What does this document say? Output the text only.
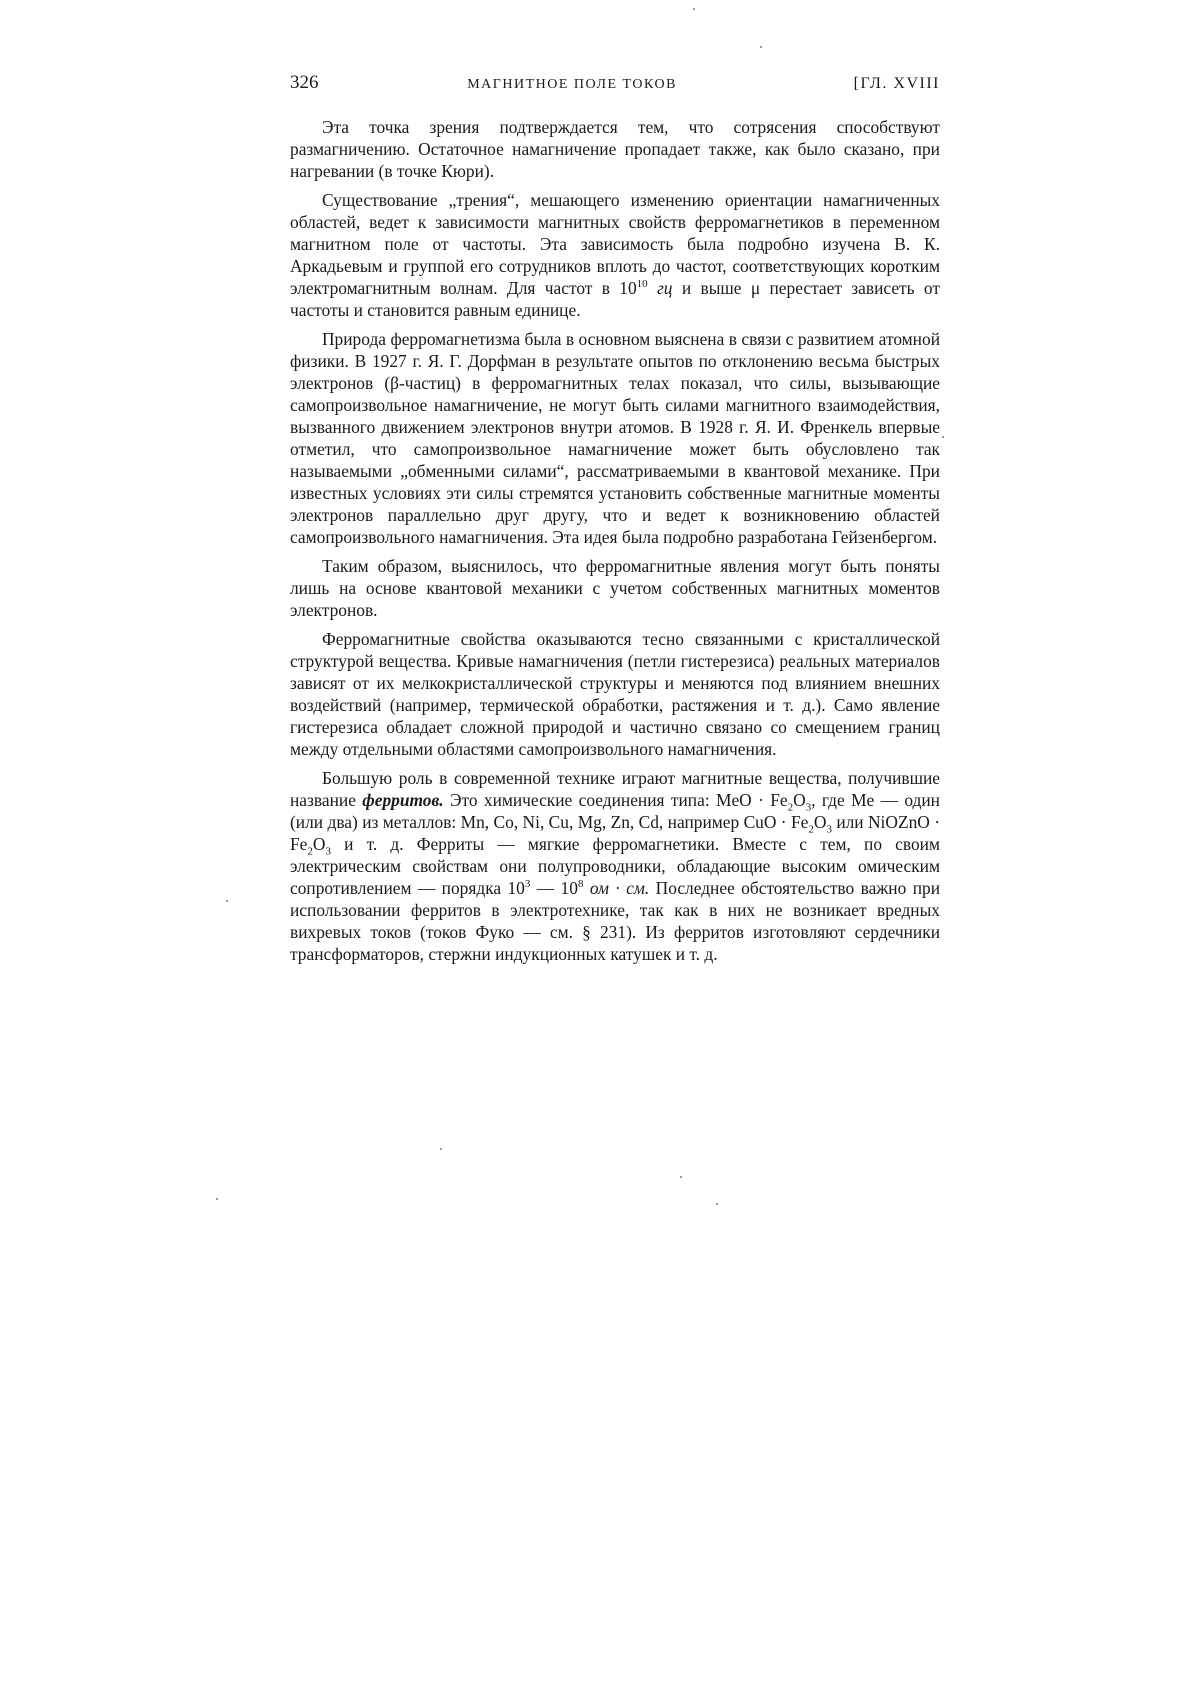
326	МАГНИТНОЕ ПОЛЕ ТОКОВ	[ГЛ. XVIII

Эта точка зрения подтверждается тем, что сотрясения способствуют размагничению. Остаточное намагничение пропадает также, как было сказано, при нагревании (в точке Кюри).

Существование „трения“, мешающего изменению ориентации намагниченных областей, ведет к зависимости магнитных свойств ферромагнетиков в переменном магнитном поле от частоты. Эта зависимость была подробно изучена В. К. Аркадьевым и группой его сотрудников вплоть до частот, соответствующих коротким электромагнитным волнам. Для частот в $10^{10}$ гц и выше μ перестает зависеть от частоты и становится равным единице.

Природа ферромагнетизма была в основном выяснена в связи с развитием атомной физики. В 1927 г. Я. Г. Дорфман в результате опытов по отклонению весьма быстрых электронов (β-частиц) в ферромагнитных телах показал, что силы, вызывающие самопроизвольное намагничение, не могут быть силами магнитного взаимодействия, вызванного движением электронов внутри атомов. В 1928 г. Я. И. Френкель впервые отметил, что самопроизвольное намагничение может быть обусловлено так называемыми „обменными силами“, рассматриваемыми в квантовой механике. При известных условиях эти силы стремятся установить собственные магнитные моменты электронов параллельно друг другу, что и ведет к возникновению областей самопроизвольного намагничения. Эта идея была подробно разработана Гейзенбергом.

Таким образом, выяснилось, что ферромагнитные явления могут быть поняты лишь на основе квантовой механики с учетом собственных магнитных моментов электронов.

Ферромагнитные свойства оказываются тесно связанными с кристаллической структурой вещества. Кривые намагничения (петли гистерезиса) реальных материалов зависят от их мелкокристаллической структуры и меняются под влиянием внешних воздействий (например, термической обработки, растяжения и т. д.). Само явление гистерезиса обладает сложной природой и частично связано со смещением границ между отдельными областями самопроизвольного намагничения.

Большую роль в современной технике играют магнитные вещества, получившие название ферритов. Это химические соединения типа: MeO · $Fe_2O_3$, где Me — один (или два) из металлов: Mn, Co, Ni, Cu, Mg, Zn, Cd, например CuO · $Fe_2O_3$ или NiOZnO · $Fe_2O_3$ и т. д. Ферриты — мягкие ферромагнетики. Вместе с тем, по своим электрическим свойствам они полупроводники, обладающие высоким омическим сопротивлением — порядка $10^3$ — $10^8$ ом · см. Последнее обстоятельство важно при использовании ферритов в электротехнике, так как в них не возникает вредных вихревых токов (токов Фуко — см. § 231). Из ферритов изготовляют сердечники трансформаторов, стержни индукционных катушек и т. д.
